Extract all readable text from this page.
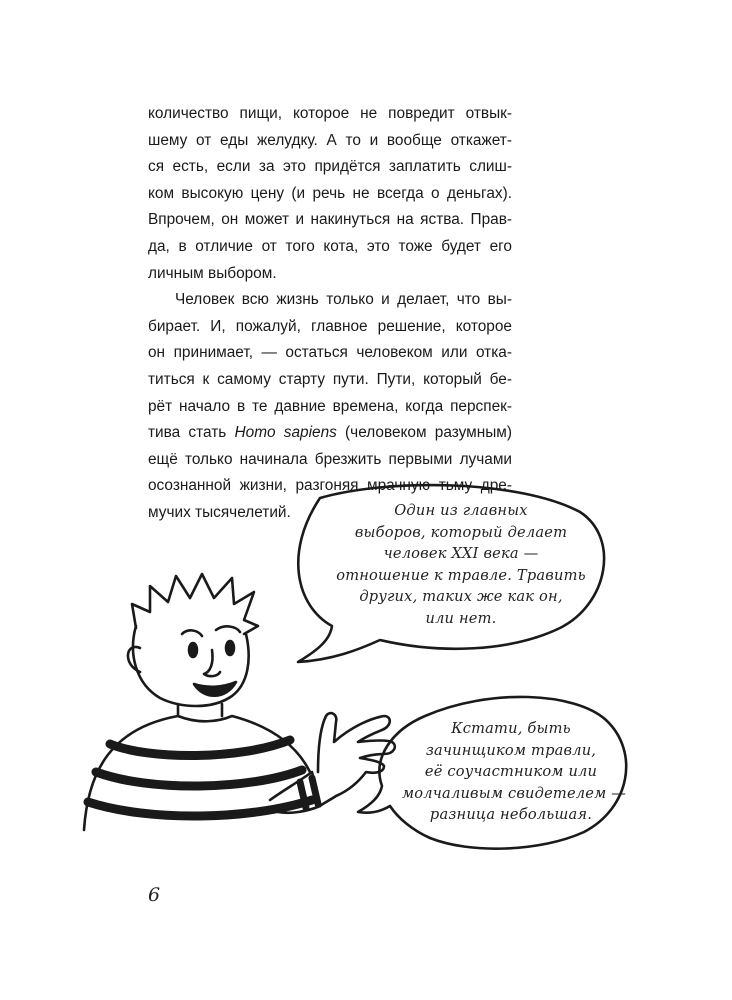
количество пищи, которое не повредит отвык-
шему от еды желудку. А то и вообще откажет-
ся есть, если за это придётся заплатить слиш-
ком высокую цену (и речь не всегда о деньгах).
Впрочем, он может и накинуться на яства. Прав-
да, в отличие от того кота, это тоже будет его
личным выбором.

Человек всю жизнь только и делает, что вы-
бирает. И, пожалуй, главное решение, которое
он принимает, — остаться человеком или отка-
титься к самому старту пути. Пути, который бе-
рёт начало в те давние времена, когда перспек-
тива стать Homo sapiens (человеком разумным)
ещё только начинала брезжить первыми лучами
осознанной жизни, разгоняя мрачную тьму дре-
мучих тысячелетий.	Один из главных
выборов, который делает
человек XXI века —
отношение к травле. Травить
других, таких же как он,
или нет.
Кстати, быть
зачинщиком травли,
её соучастником или
молчаливым свидетелем —
разница небольшая.
6
